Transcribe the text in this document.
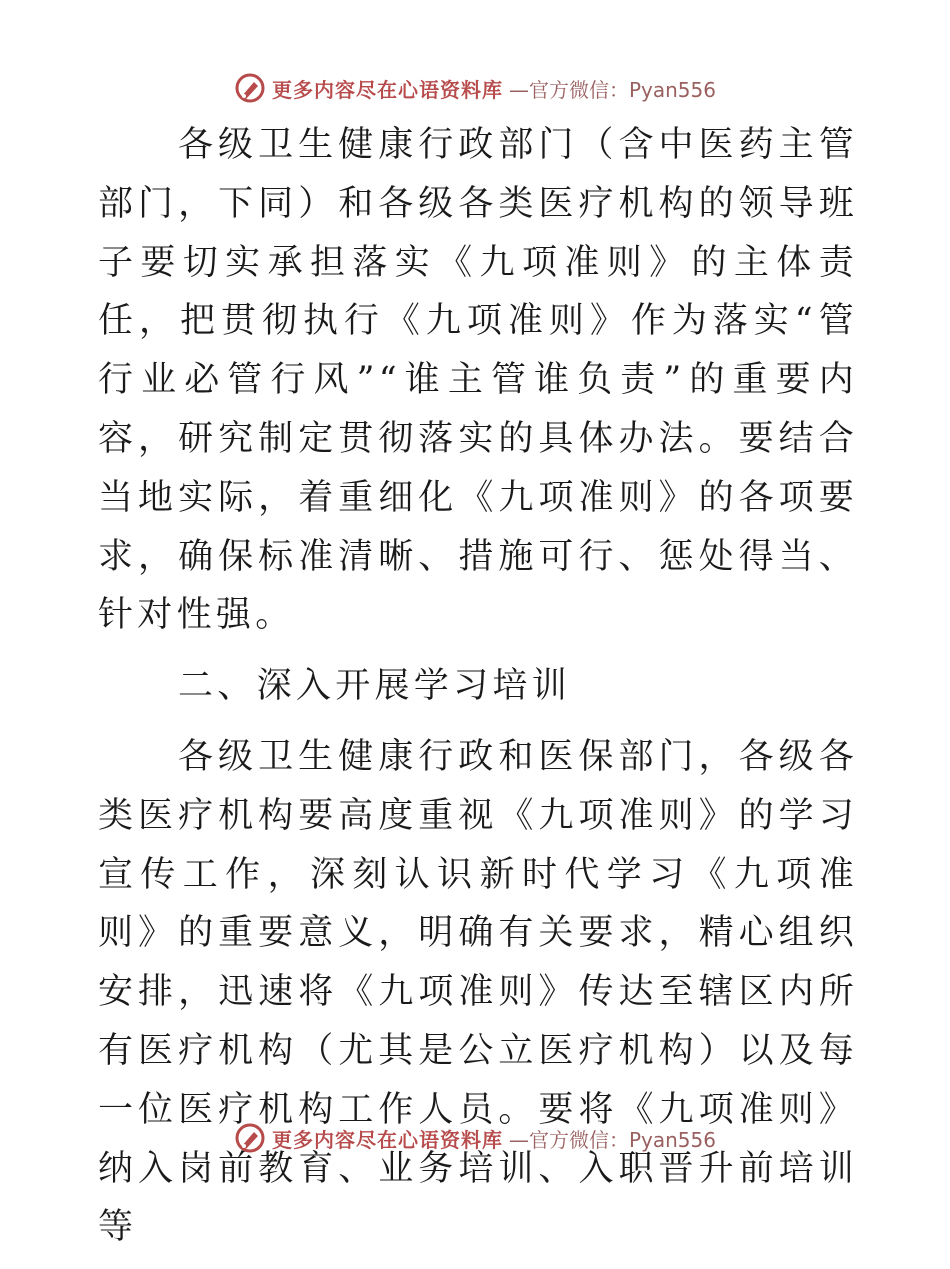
更多内容尽在心语资料库 —官方微信：Pyan556

各级卫生健康行政部门（含中医药主管部门，下同）和各级各类医疗机构的领导班子要切实承担落实《九项准则》的主体责任，把贯彻执行《九项准则》作为落实“管行业必管行风”“谁主管谁负责”的重要内容，研究制定贯彻落实的具体办法。要结合当地实际，着重细化《九项准则》的各项要求，确保标准清晰、措施可行、惩处得当、针对性强。

二、深入开展学习培训

各级卫生健康行政和医保部门，各级各类医疗机构要高度重视《九项准则》的学习宣传工作，深刻认识新时代学习《九项准则》的重要意义，明确有关要求，精心组织安排，迅速将《九项准则》传达至辖区内所有医疗机构（尤其是公立医疗机构）以及每一位医疗机构工作人员。要将《九项准则》纳入岗前教育、业务培训、入职晋升前培训等

更多内容尽在心语资料库 —官方微信：Pyan556
